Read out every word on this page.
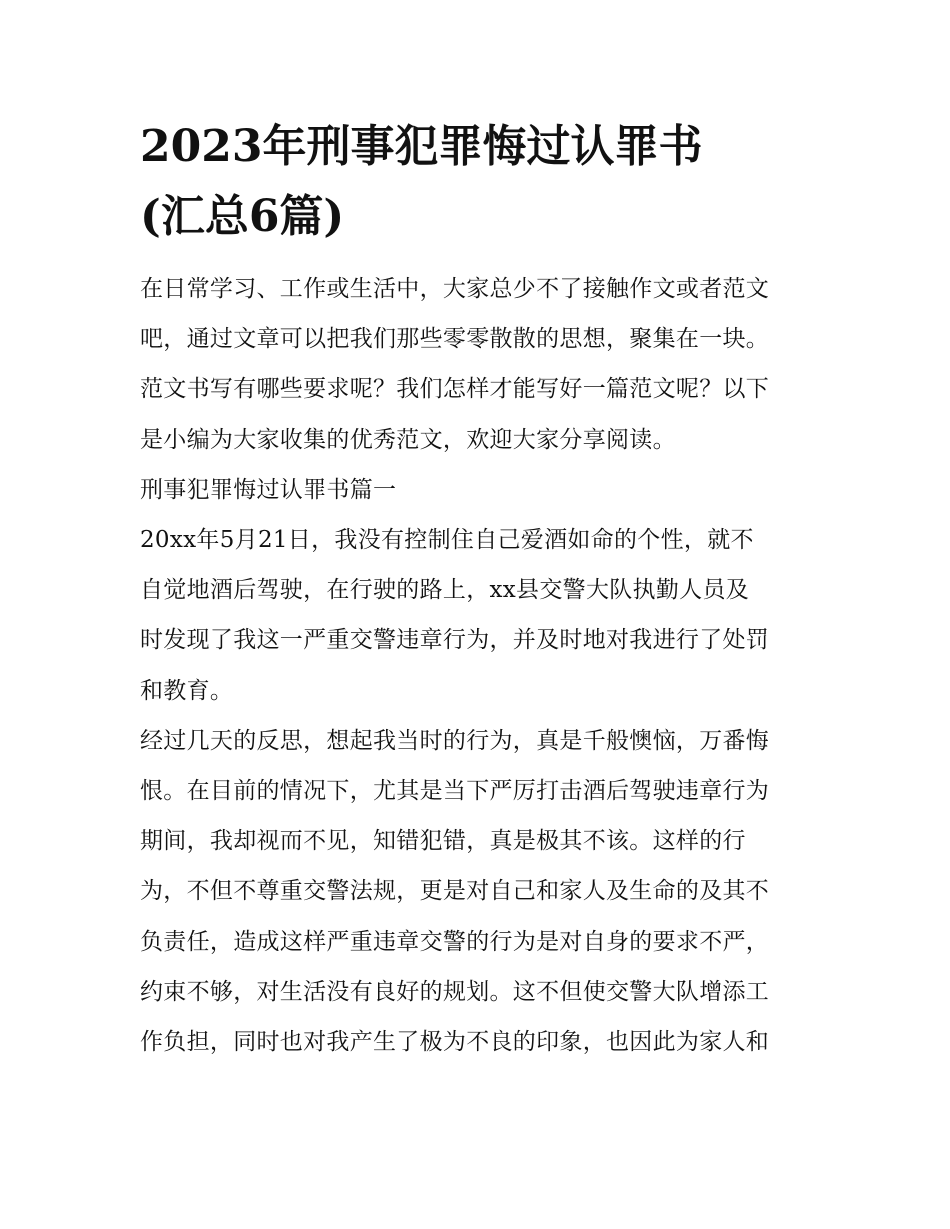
2023年刑事犯罪悔过认罪书
(汇总6篇)

在日常学习、工作或生活中，大家总少不了接触作文或者范文
吧，通过文章可以把我们那些零零散散的思想，聚集在一块。
范文书写有哪些要求呢？我们怎样才能写好一篇范文呢？以下
是小编为大家收集的优秀范文，欢迎大家分享阅读。

刑事犯罪悔过认罪书篇一

20xx年5月21日，我没有控制住自己爱酒如命的个性，就不
自觉地酒后驾驶，在行驶的路上，xx县交警大队执勤人员及
时发现了我这一严重交警违章行为，并及时地对我进行了处罚
和教育。

经过几天的反思，想起我当时的行为，真是千般懊恼，万番悔
恨。在目前的情况下，尤其是当下严厉打击酒后驾驶违章行为
期间，我却视而不见，知错犯错，真是极其不该。这样的行
为，不但不尊重交警法规，更是对自己和家人及生命的及其不
负责任，造成这样严重违章交警的行为是对自身的要求不严，
约束不够，对生活没有良好的规划。这不但使交警大队增添工
作负担，同时也对我产生了极为不良的印象，也因此为家人和
